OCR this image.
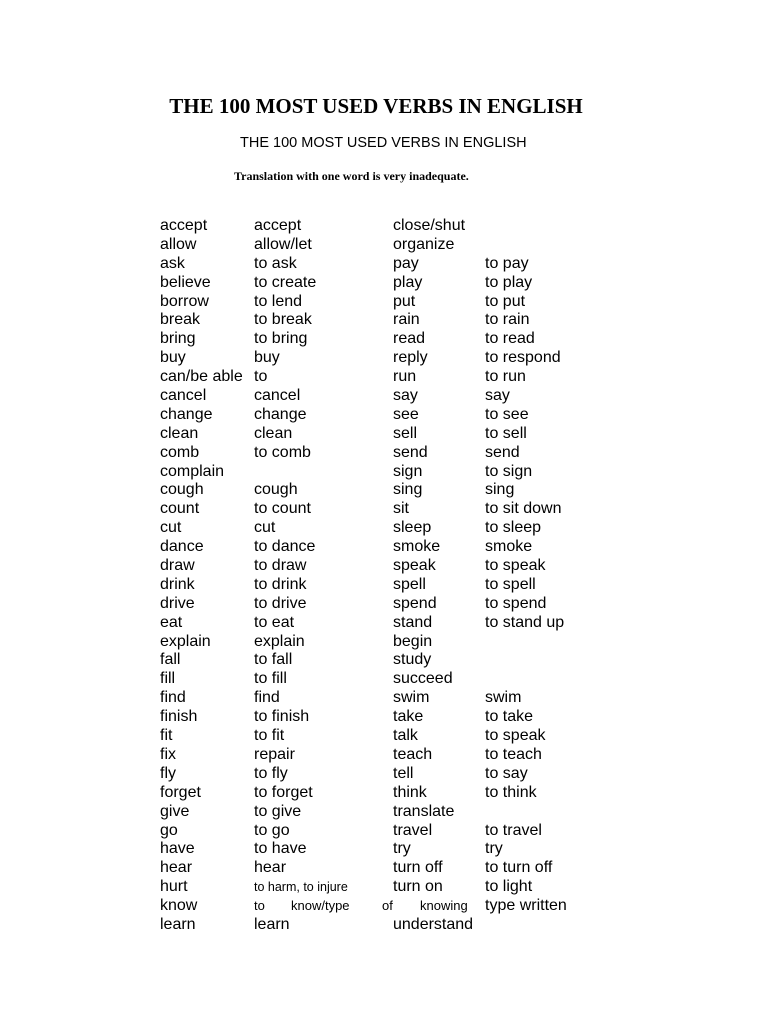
THE 100 MOST USED VERBS IN ENGLISH
THE 100 MOST USED VERBS IN ENGLISH
Translation with one word is very inadequate.
accept
allow
ask
believe
borrow
break
bring
buy
can/be able
cancel
change
clean
comb
complain
cough
count
cut
dance
draw
drink
drive
eat
explain
fall
fill
find
finish
fit
fix
fly
forget
give
go
have
hear
hurt
know
learn
accept
allow/let
to ask
to create
to lend
to break
to bring
buy
to
cancel
change
clean
to comb
cough
to count
cut
to dance
to draw
to drink
to drive
to eat
explain
to fall
to fill
find
to finish
to fit
repair
to fly
to forget
to give
to go
to have
hear
to harm, to injure
to know/type of knowing
learn
close/shut
organize
pay
play
put
rain
read
reply
run
say
see
sell
send
sign
sing
sit
sleep
smoke
speak
spell
spend
stand
begin
study
succeed
swim
take
talk
teach
tell
think
translate
travel
try
turn off
turn on
type written
understand
to pay
to play
to put
to rain
to read
to respond
to run
say
to see
to sell
send
to sign
sing
to sit down
to sleep
smoke
to speak
to spell
to spend
to stand up
swim
to take
to speak
to teach
to say
to think
to travel
try
to turn off
to light
